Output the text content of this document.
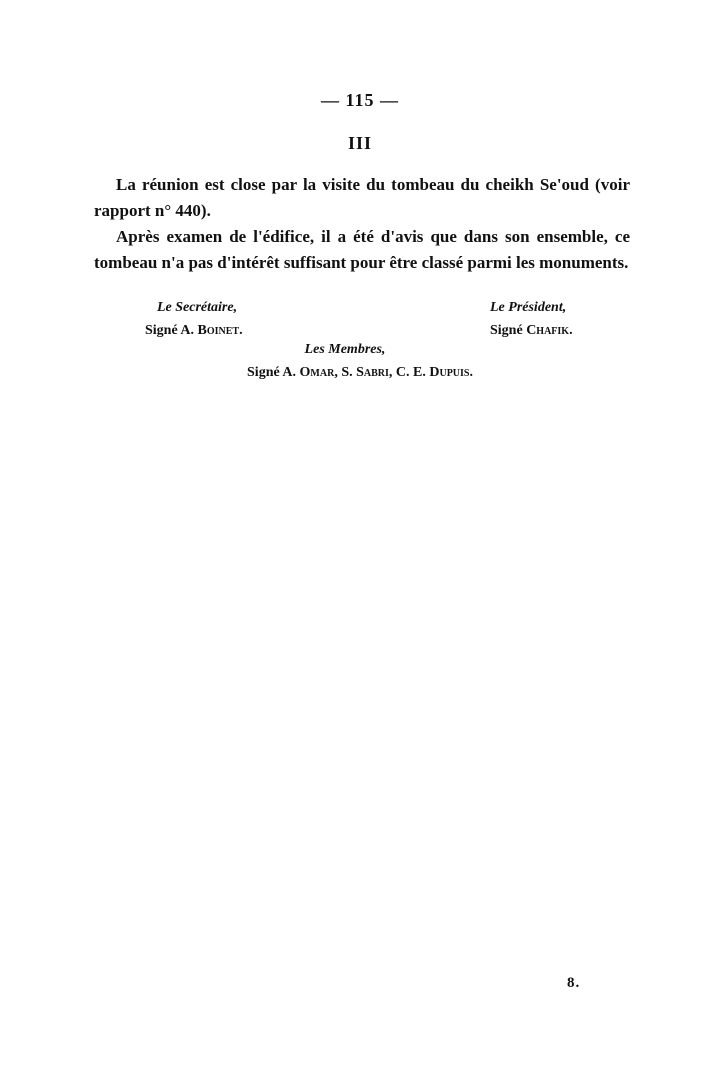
— 115 —
III

La réunion est close par la visite du tombeau du cheikh Se'oud (voir rapport n° 440).

Après examen de l'édifice, il a été d'avis que dans son ensemble, ce tombeau n'a pas d'intérêt suffisant pour être classé parmi les monuments.

Le Secrétaire,
Signé A. Boinet.
Le Président,
Signé Chafik.
Les Membres,
Signé A. Omar, S. Sabri, C. E. Dupuis.
8.
